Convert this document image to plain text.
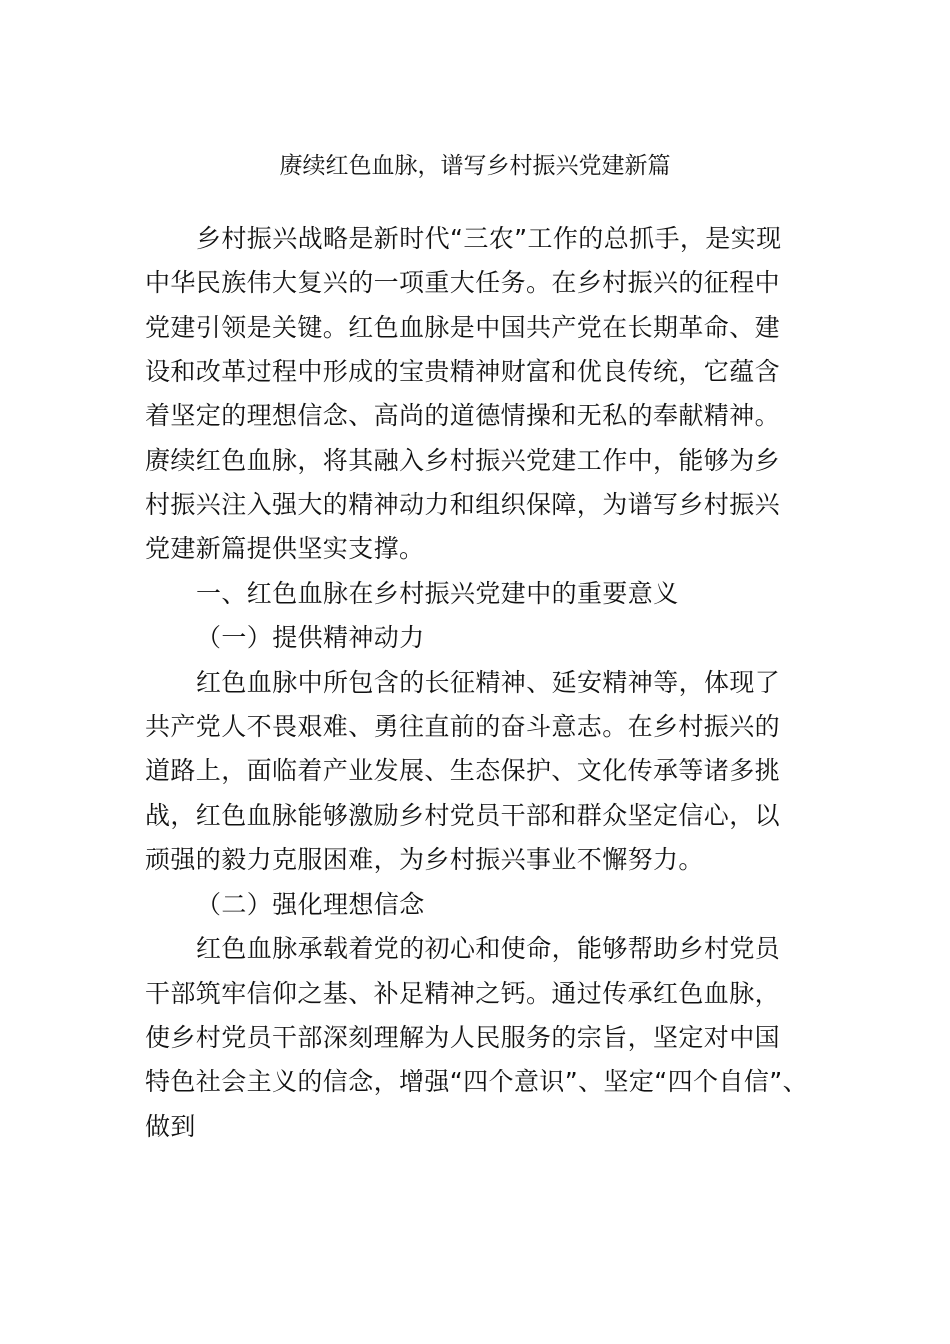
赓续红色血脉，谱写乡村振兴党建新篇
乡村振兴战略是新时代“三农”工作的总抓手，是实现
中华民族伟大复兴的一项重大任务。在乡村振兴的征程中
党建引领是关键。红色血脉是中国共产党在长期革命、建
设和改革过程中形成的宝贵精神财富和优良传统，它蕴含
着坚定的理想信念、高尚的道德情操和无私的奉献精神。
赓续红色血脉，将其融入乡村振兴党建工作中，能够为乡
村振兴注入强大的精神动力和组织保障，为谱写乡村振兴
党建新篇提供坚实支撑。
一、红色血脉在乡村振兴党建中的重要意义
（一）提供精神动力
红色血脉中所包含的长征精神、延安精神等，体现了
共产党人不畏艰难、勇往直前的奋斗意志。在乡村振兴的
道路上，面临着产业发展、生态保护、文化传承等诸多挑
战，红色血脉能够激励乡村党员干部和群众坚定信心，以
顽强的毅力克服困难，为乡村振兴事业不懈努力。
（二）强化理想信念
红色血脉承载着党的初心和使命，能够帮助乡村党员
干部筑牢信仰之基、补足精神之钙。通过传承红色血脉，
使乡村党员干部深刻理解为人民服务的宗旨，坚定对中国
特色社会主义的信念，增强“四个意识”、坚定“四个自信”、
做到
